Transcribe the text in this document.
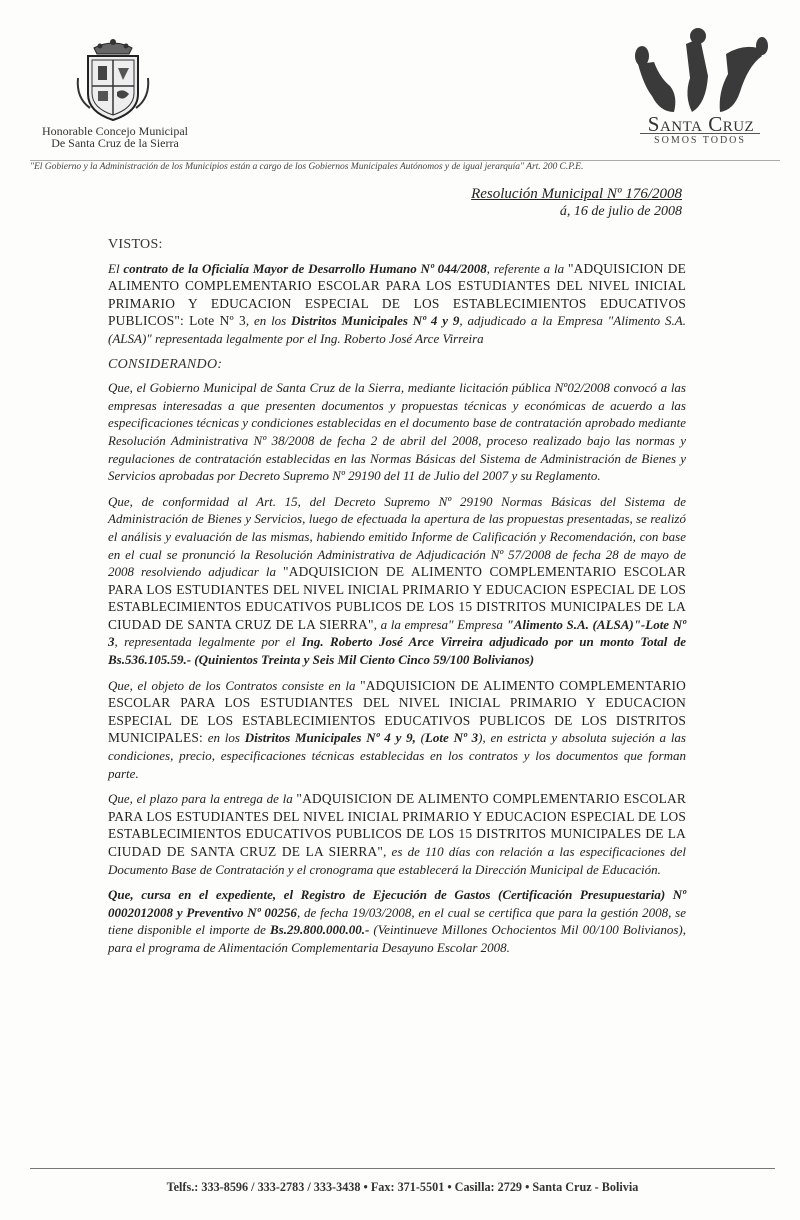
Honorable Concejo Municipal
De Santa Cruz de la Sierra
SANTA CRUZ
SOMOS TODOS
"El Gobierno y la Administración de los Municipios están a cargo de los Gobiernos Municipales Autónomos y de igual jerarquía" Art. 200 C.P.E.
Resolución Municipal Nº 176/2008
á, 16 de julio de 2008
VISTOS:

El contrato de la Oficialía Mayor de Desarrollo Humano Nº 044/2008, referente a la "ADQUISICION DE ALIMENTO COMPLEMENTARIO ESCOLAR PARA LOS ESTUDIANTES DEL NIVEL INICIAL PRIMARIO Y EDUCACION ESPECIAL DE LOS ESTABLECIMIENTOS EDUCATIVOS PUBLICOS": Lote Nº 3, en los Distritos Municipales Nº 4 y 9, adjudicado a la Empresa "Alimento S.A. (ALSA)" representada legalmente por el Ing. Roberto José Arce Virreira

CONSIDERANDO:

Que, el Gobierno Municipal de Santa Cruz de la Sierra, mediante licitación pública Nº02/2008 convocó a las empresas interesadas a que presenten documentos y propuestas técnicas y económicas de acuerdo a las especificaciones técnicas y condiciones establecidas en el documento base de contratación aprobado mediante Resolución Administrativa Nº 38/2008 de fecha 2 de abril del 2008, proceso realizado bajo las normas y regulaciones de contratación establecidas en las Normas Básicas del Sistema de Administración de Bienes y Servicios aprobadas por Decreto Supremo Nº 29190 del 11 de Julio del 2007 y su Reglamento.

Que, de conformidad al Art. 15, del Decreto Supremo Nº 29190 Normas Básicas del Sistema de Administración de Bienes y Servicios, luego de efectuada la apertura de las propuestas presentadas, se realizó el análisis y evaluación de las mismas, habiendo emitido Informe de Calificación y Recomendación, con base en el cual se pronunció la Resolución Administrativa de Adjudicación Nº 57/2008 de fecha 28 de mayo de 2008 resolviendo adjudicar la "ADQUISICION DE ALIMENTO COMPLEMENTARIO ESCOLAR PARA LOS ESTUDIANTES DEL NIVEL INICIAL PRIMARIO Y EDUCACION ESPECIAL DE LOS ESTABLECIMIENTOS EDUCATIVOS PUBLICOS DE LOS 15 DISTRITOS MUNICIPALES DE LA CIUDAD DE SANTA CRUZ DE LA SIERRA", a la empresa" Empresa "Alimento S.A. (ALSA)"-Lote Nº 3, representada legalmente por el Ing. Roberto José Arce Virreira adjudicado por un monto Total de Bs.536.105.59.- (Quinientos Treinta y Seis Mil Ciento Cinco 59/100 Bolivianos)

Que, el objeto de los Contratos consiste en la "ADQUISICION DE ALIMENTO COMPLEMENTARIO ESCOLAR PARA LOS ESTUDIANTES DEL NIVEL INICIAL PRIMARIO Y EDUCACION ESPECIAL DE LOS ESTABLECIMIENTOS EDUCATIVOS PUBLICOS DE LOS DISTRITOS MUNICIPALES: en los Distritos Municipales Nº 4 y 9, (Lote Nº 3), en estricta y absoluta sujeción a las condiciones, precio, especificaciones técnicas establecidas en los contratos y los documentos que forman parte.

Que, el plazo para la entrega de la "ADQUISICION DE ALIMENTO COMPLEMENTARIO ESCOLAR PARA LOS ESTUDIANTES DEL NIVEL INICIAL PRIMARIO Y EDUCACION ESPECIAL DE LOS ESTABLECIMIENTOS EDUCATIVOS PUBLICOS DE LOS 15 DISTRITOS MUNICIPALES DE LA CIUDAD DE SANTA CRUZ DE LA SIERRA", es de 110 días con relación a las especificaciones del Documento Base de Contratación y el cronograma que establecerá la Dirección Municipal de Educación.

Que, cursa en el expediente, el Registro de Ejecución de Gastos (Certificación Presupuestaria) Nº 0002012008 y Preventivo Nº 00256, de fecha 19/03/2008, en el cual se certifica que para la gestión 2008, se tiene disponible el importe de Bs.29.800.000.00.- (Veintinueve Millones Ochocientos Mil 00/100 Bolivianos), para el programa de Alimentación Complementaria Desayuno Escolar 2008.

Telfs.: 333-8596 / 333-2783 / 333-3438 • Fax: 371-5501 • Casilla: 2729 • Santa Cruz - Bolivia
